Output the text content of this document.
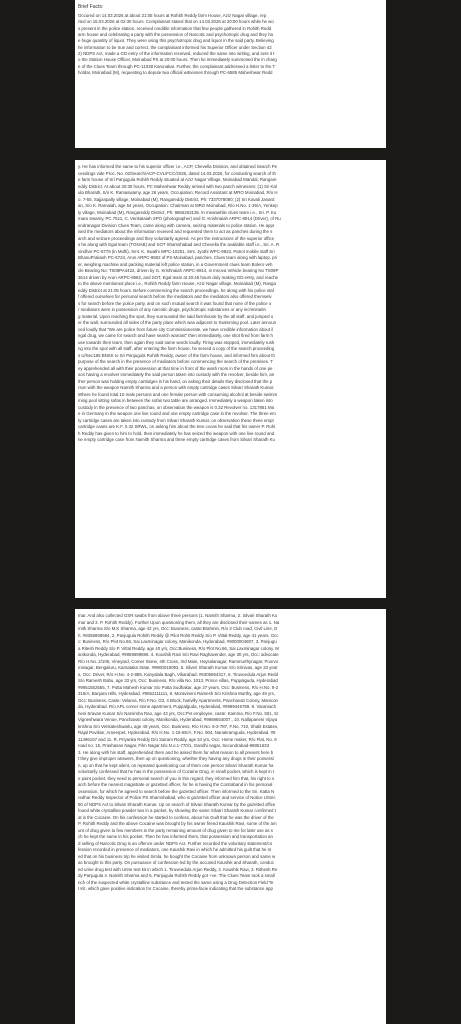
Brief Facts:
Occured on 14.03.2026 at about 21:05 hours at Rohith Reddy farm House, Aziz Nagar village, rep
rted on 15.03.2026 at 02:30 hours. Complainant stated that on 14.03.2026 at 20:00 hours while he wo
s present in the police station, received credible information that few people gathered in Rohith Redd
arm house and celebrating a party with the possession of Narcotic and psychotropic drug and they ha
e huge quantity of liquor. They were using this psychotropic drug and liquor in the said party. Believing
he information to be true and correct, the complainant informed his Superior Officer under Section 42
2) NDPS Act, made a GD entry of the information received, reduced the same into writing, and sent it t
o the Station House Officer, Moinabad PS at 20:00 hours. Then he immediately summoned the in charg
e of the Clues Team through PC-11038 Karunakar. Further, the complainant addressed a letter to the T
holdar, Moinabad (M), requesting to depute two official witnesses through PC-6585 Maheshwar Redd
y. He has informed the same to his superior officer i.e., ACP, Chevella Division, and obtained Search Pe
ceedings vide Proc. No. 02/Search/ACP-CVL/FCC/2026, dated 14.03.2026, for conducting search of th
e farm house of Sri Panjugula Rohith Reddy situated at Aziz Nagar Village, Moinabad Mandal, Rangare
eddy District. At about 20:30 hours, PC Maheshwar Reddy arrived with two panch witnesses: (1) Sri Kal
ula Bharath, S/o K. Ramaswamy, age 26 years, Occupation: Record Assistant at MRO Moinabad, R/o H
o. 7-55, Sajjanpally village, Moinabad (M), Rangareddy District, Ph: 7337078080; (2) Sri Kavali Janard
an, S/o K. Ramaiah, age 54 years, Occupation: Chairman at MRO Moinabad, R/o H.No. 1-35/A, Yenkep
ly village, Moinabad (M), Rangareddy District, Ph: 9866263135. In meanwhile clues team i.e., Sri. P. Ku
mara Swamy, PC 7511, C. Venkataiah SPO (photographer) and G. Krishnaiah ARPC-8914 (Driver), of Ru
endranagar Division Clues Team, came along with camera, seizing materials to police station. He appr
ised the mediators about the information received and requested them to act as panches during the s
arch and seizure proceedings and they voluntarily agreed. As per the instructions of the superior office
s he along with Egal team (TGNAB) and SOT Shamshabad and Chevella the available staff i.e., Sri. A. R
vindhar PC-5779 (in Mufti), Smt. K. Swathi WPC-10251, Smt. Jyothi WPC-9823, Patrol mobile staff Sri
BhanuPrakash PC-6724, Arun ARPC-8582 of PS Moinabad, panches, Clues team along with laptop, pri
er, weighing machine and packing material left police station, in a Government clues team Bolero veh
cle Bearing No: TS09PA4422, driven by G. Krishnaiah ARPC-8914, in Innova Vehicle bearing No TS09P
3614 driven by Arun ARPC-8582, and SOT, Egal team at 20:45 hours duly making GD entry, and reache
to the above mentioned place i.e., Rohith Reddy farm House, Aziz Nagar village, Moinabad (M), Ranga
eddy District at 21:05 hours. Before commencing the search proceedings, he along with his police staf
f offered ourselves for personal search before the mediators and the mediators also offered themselv
s for search before the police party, and on such mutual search it was found that none of the police o
r mediators were in possession of any narcotic drugs, psychotropic substances or any incriminatin
g material. Upon reaching the spot, they surrounded the said farmhouse by the all staff, and jumped o
er the wall, surrounded all sides of the party place which was adjacent to Swimming pool. Later announ
ced loudly that "We are police from future city Commissionerate, we have credible information about il
egal drug, we came for search and have search warrant" then immediately, one shot fired from farm h
use towards their team, then again they said same words loudly. Firing was stopped, immediately rush
ng into the spot with all staff, after entering the farm house, he served a copy of the search proceeding
s U/Sec185 BNSS to Sri Panjugula Rohith Reddy, owner of the farm house, and informed him about th
purpose of the search in the presence of mediators before commencing the search of the premises. T
ey apprehended all with their possession at that time in front of the wash room in the hands of one pe
son having a revolver immediately the said person taken into custody with the revolver, beside him, an
ther person was holding empty cartridges in his hand, on asking their details they disclosed that the p
rson with the weapon Namith Sharma and a person with empty cartridge cases Silvari Sharath Kumar.
Where he found total 10 male persons and one female person with consuming alcohol at beside swimm
ming pool sitting sofas in between the sofas two table are arranged. Immediately a weapon taken into
custody in the presence of two panchas, on observation the weapon is 0.32 Revolver no. 1317851 Ma
e in Germany in the weapon one live round and one empty cartridge case in the revolver. The three em
ty cartridge cases are taken into custody from Silvari Sharath Kumar, on observation these three empt
cartridge cases are K.F. 0.32 SRWL, on asking him about the tree cocas he said that his owner P. Rohi
h Reddy has given to him to hold, then immediately he has seized the weapon with one live round and
ne empty cartridge case from Namith Sharma and three empty cartridge cases from Silvari Sharath Ku
mar. And also collected GSR swabs from above three persons (1. Namith Sharma, 2. Silvari Sharath Ku
mar and 3. P. Rohith Reddy). Further Upon questioning them, all they are disclosed their names as 1. Na
mith Sharma S/o M.K Sharma, age 42 yrs, Occ: Business, caste:Brahmin, R/o 3 Club road, Civil Line, D
h. #8356868584, 2. Panjugula Rohith Reddy @ Pilot Rohit Reddy S/o P. Vittal Reddy, age 41 years, Occ
c: Business, R/o Plot No.66, Sai Laxminagar colony, Manikonda, Hyderabad, #9000004807, 3. Panjugu
a Ritesh Reddy S/o P. Vittal Reddy, age 40 yrs, Occ:Business, R/o Plot No.66, Sai Laxminagar colony, M
anikonda, Hyderabad, #9959699596. 4. Koushik Ravi S/o Ravi Raghavender, age 30 yrs, Occ: advocate
R/o H.No. 2/105, Vineyard, Corner Stone, 4th Cross, 3rd Main, Hoysalanagar, Rammurthynagar, Poorvo
minagar, Bengaluru, Karnataka State. #9900019093, 5. Silveri Sharath Kumar S/o Srinivas, age 33 year
s, Occ: Driver, R/o H.No. 4-2-885, Kanyalala Bagh, Vikarabad. #6305964317, 6. Tiruveedula Arjun Redd
S/o Ramesh Babu, age 33 yrs, Occ: Business, R/o villa No. 1013, Prince villas, Puppalguda, Hyderabad
#9951552555, 7. Putta Mahesh Kumar S/o Putta Sudhakar, age 37 years, Occ: Business, R/o H.No. 8-2
316/A, Banjara Hills, Hyderabad. #9652111111, 8. Moravineni Ramesh S/o Krishna Murthy, age 49 yrs,
Occ: Business, Caste: Velama, R/o F.No. G3, 4 Block, harivilly Apartments, Panchavati Colony, Manicon
da, Hyderabad. R/o APL corner stone apartment, Puppalguda, Hyderabad, #9989446789. 9. Varamach
neni Sravan Kumar S/o Narsimha Rao, age 43 yrs, Occ:Pvt employee, caste: Kamma, R/o F.No. 501, Sr
Vigneshwara Venue, Panchavati colony, Manikonda, Hyderabad, #9959654007., 10. Nallapaneni Vijaya
krishna S/o Venkateshwarlu, age 49 years, Occ: Business, R/o H.No. 6-3-787, F.No. 710, Shalit Estates,
Rajal Povilian, Ameerpet, Hyderabad. R/o H.No. 1-18-6E/A, F.No. 904, Nanakramguda, Hyderabad. #9
11496167 and 11. R. Priyanka Reddy D/o Sairam Reddy, age 34 yrs, Occ: Home maker, R/o Flat. No. 9
road no. 15, Prashasan Nagar, Film Nagar.N/o.N.o.1-770/1, Gandhi nagar, Secundrabad-98851633
3. He along with his staff, apprehended them and he asked them for what reason to all present here b
t they give improper answers, then up on questioning, whether they having any drugs in their possessi
n, up on that he kept silent, on repeated questioning out of them one person Silvari Sharath Kumar ha
voluntarily confessed that he has in the possession of Cocaine Drug, in small pocket, which is kept in t
e paint pocket. they need to personal search of you in this regard, they informed him that, his right to s
arch before the nearest magistrate or gazetted officer, for he is having the Contraband in his personal
ossession, for which he agreed to search before the gazetted officer. Then informed to the Sri. Katta N
redhar Reddy Inspector of Police PS Shamshabad, who is gazetted officer and service of Notice U/Sec
50 of NDPS Act to Silvari Sharath Kumar. Up on search of Silvari Sharath Kumar by the gazetted office
found white crystalline powder two in a packet, by showing the same Silvari Sharath Kumar confirmed t
at is the Cocaine. On his confession he started to confess, about his Guilt that he was the driver of the
P. Rohith Reddy and the above Cocaine was brought by his owner friend Kaushik Ravi, some of the am
unt of drug given to few members in the party remaining amount of drug given to me for later use as s
ch he kept the same in his pocket. Then he has informed them, that possession and transportation an
d selling of Narcotic Drug is an offence under NDPS Act. Further recorded the voluntary statement/co
fession recorded in presence of mediators, one Kaushik Ravi in which he admitted his guilt that he st
ed that on his business trip he visited Simla, he bought the Cocaine from unknown person and same w
as brought to this party. On pursuance of confession led by the accused Kaushik and Sharath, conduc
ed urine drug test with Urine test kit in which 1. Tiruveedula Arjun Reddy, 2. Kaushik Ravi, 3. Rithesh Re
dy Panjugula 4. Namith Sharma and 5. Panjugula Rohith Reddy got +ve. The Clues Team took a small
nch of the suspected white crystalline substance and tested the same using a Drug Detection Field Te
t Kit, which gave positive indication for Cocaine, thereby prima-facie indicating that the substance app
